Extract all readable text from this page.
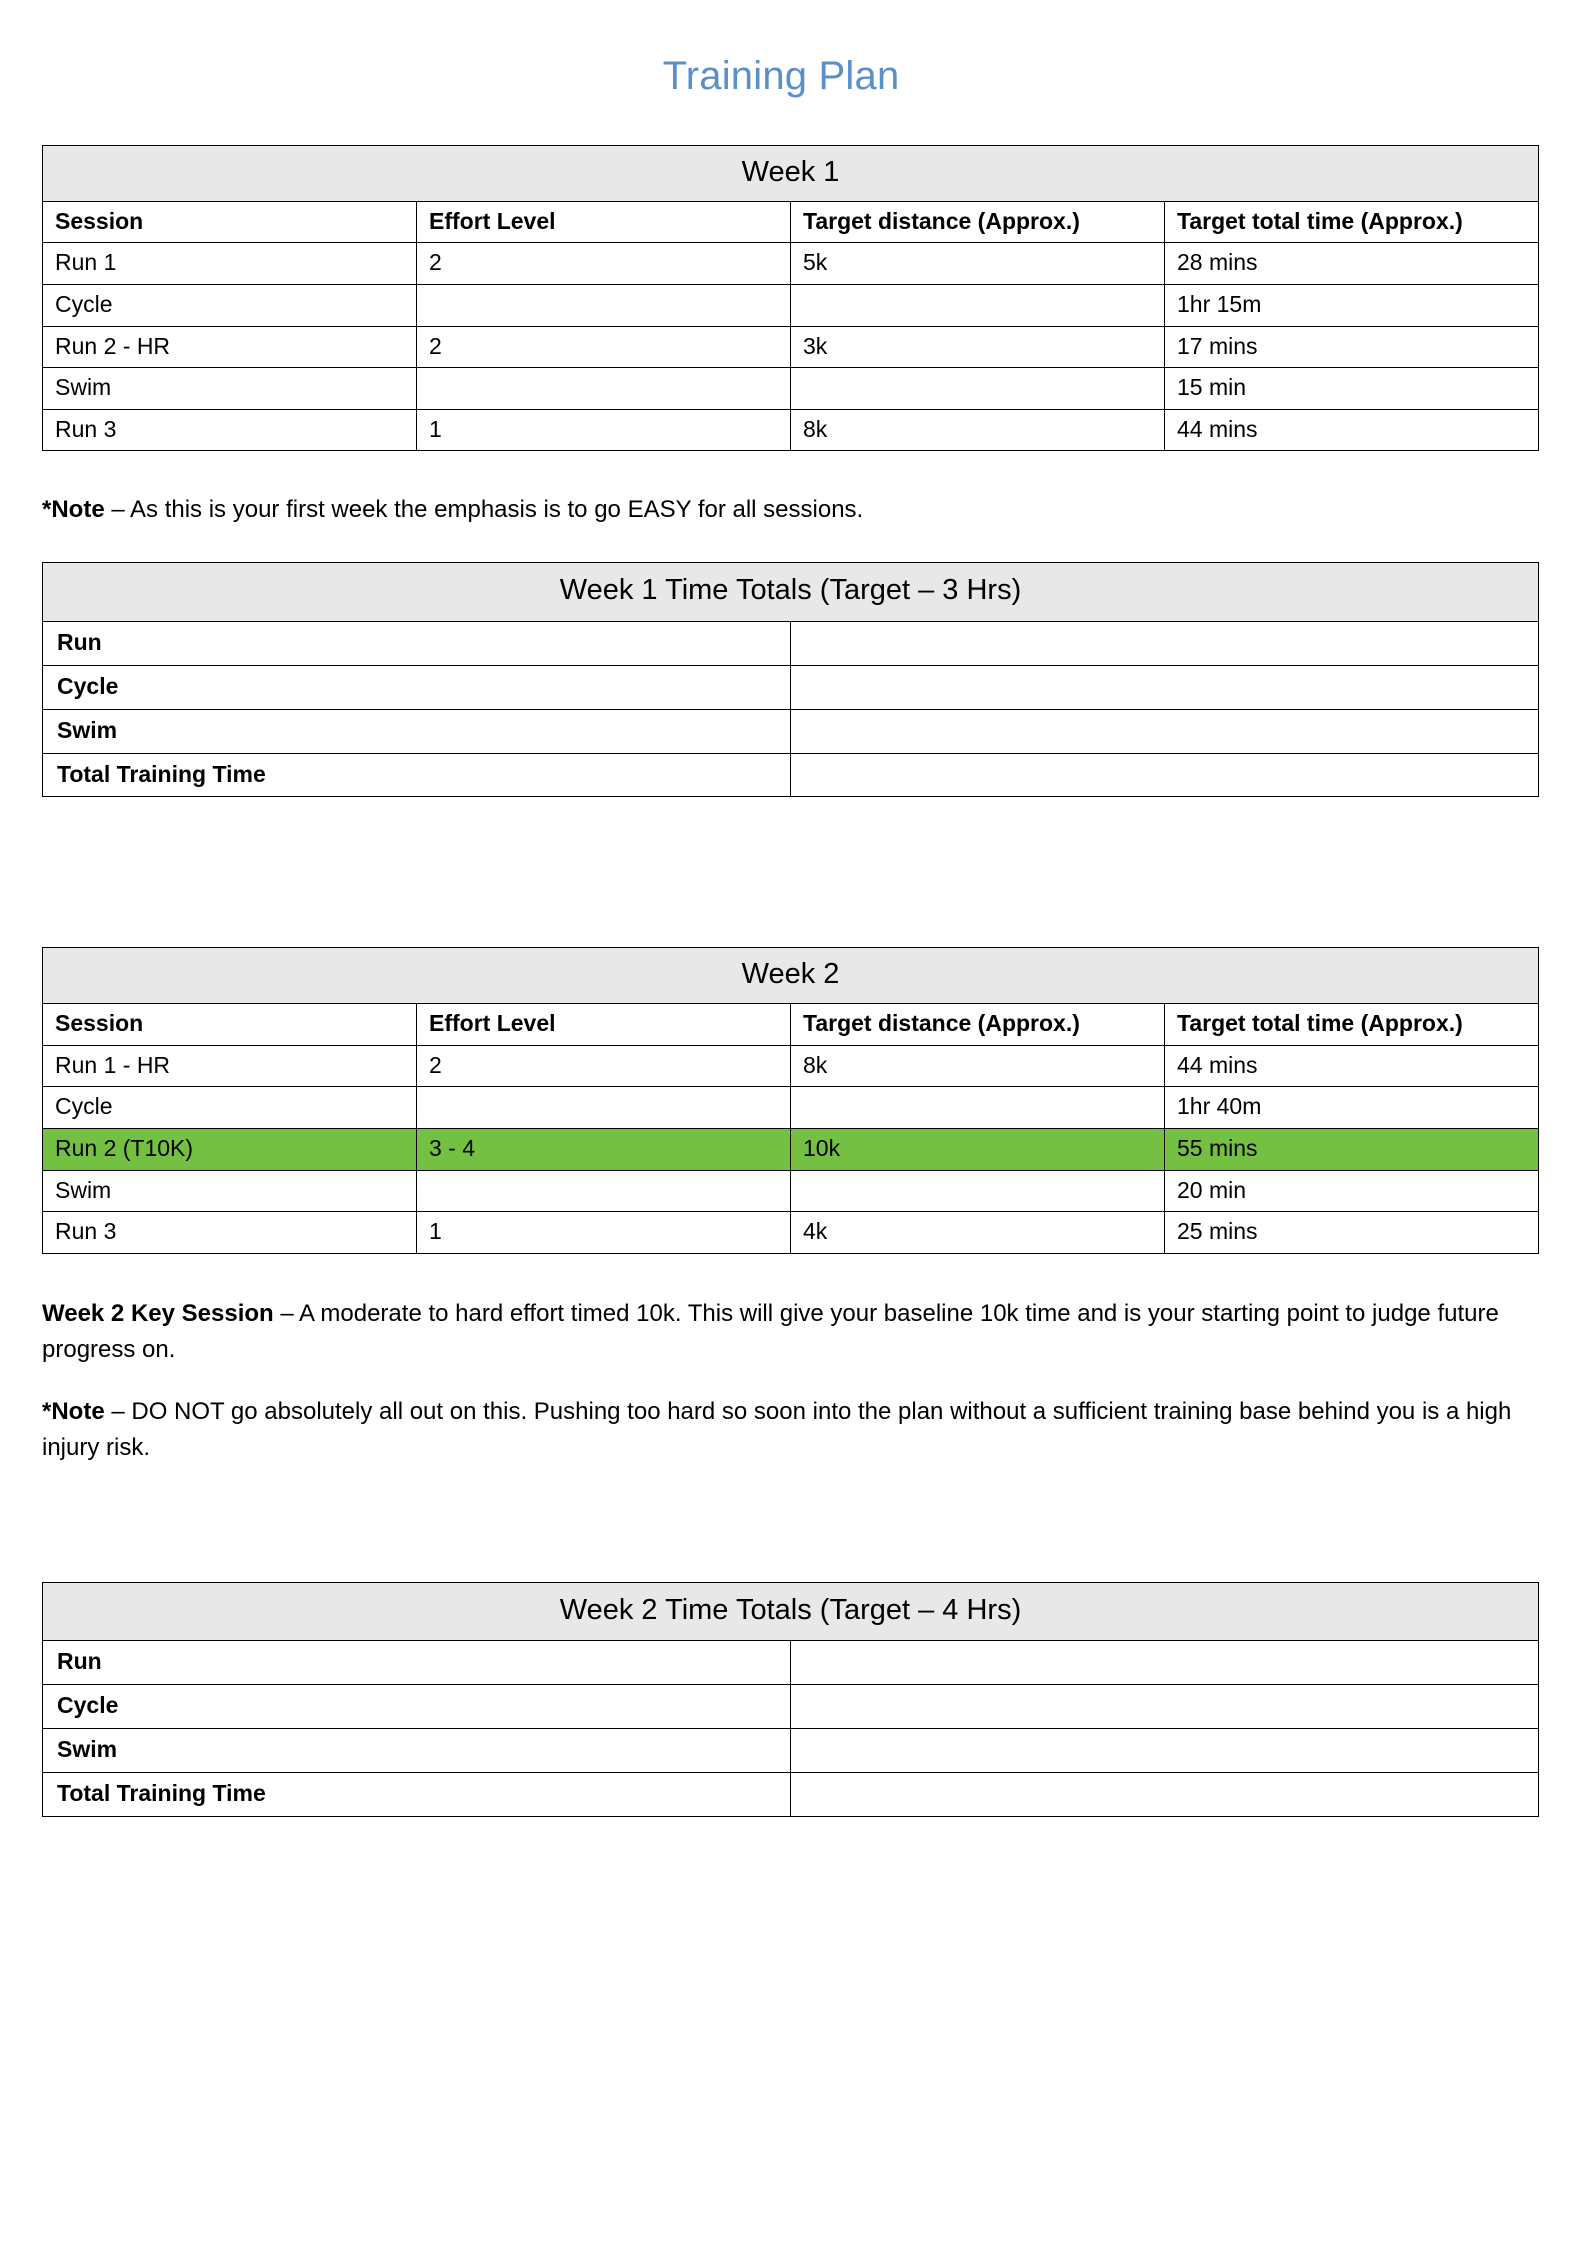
Training Plan
Week 1			
Session	Effort Level	Target distance (Approx.)	Target total time (Approx.)
Run 1	2	5k	28 mins
Cycle			1hr 15m
Run 2 - HR	2	3k	17 mins
Swim			15 min
Run 3	1	8k	44 mins

*Note – As this is your first week the emphasis is to go EASY for all sessions.

Week 1 Time Totals (Target – 3 Hrs)	
Run	
Cycle	
Swim	
Total Training Time	
Week 2			
Session	Effort Level	Target distance (Approx.)	Target total time (Approx.)
Run 1 - HR	2	8k	44 mins
Cycle			1hr 40m
Run 2 (T10K)	3 - 4	10k	55 mins
Swim			20 min
Run 3	1	4k	25 mins

Week 2 Key Session – A moderate to hard effort timed 10k. This will give your baseline 10k time and is your starting point to judge future progress on.

*Note – DO NOT go absolutely all out on this. Pushing too hard so soon into the plan without a sufficient training base behind you is a high injury risk.

Week 2 Time Totals (Target – 4 Hrs)	
Run	
Cycle	
Swim	
Total Training Time	
